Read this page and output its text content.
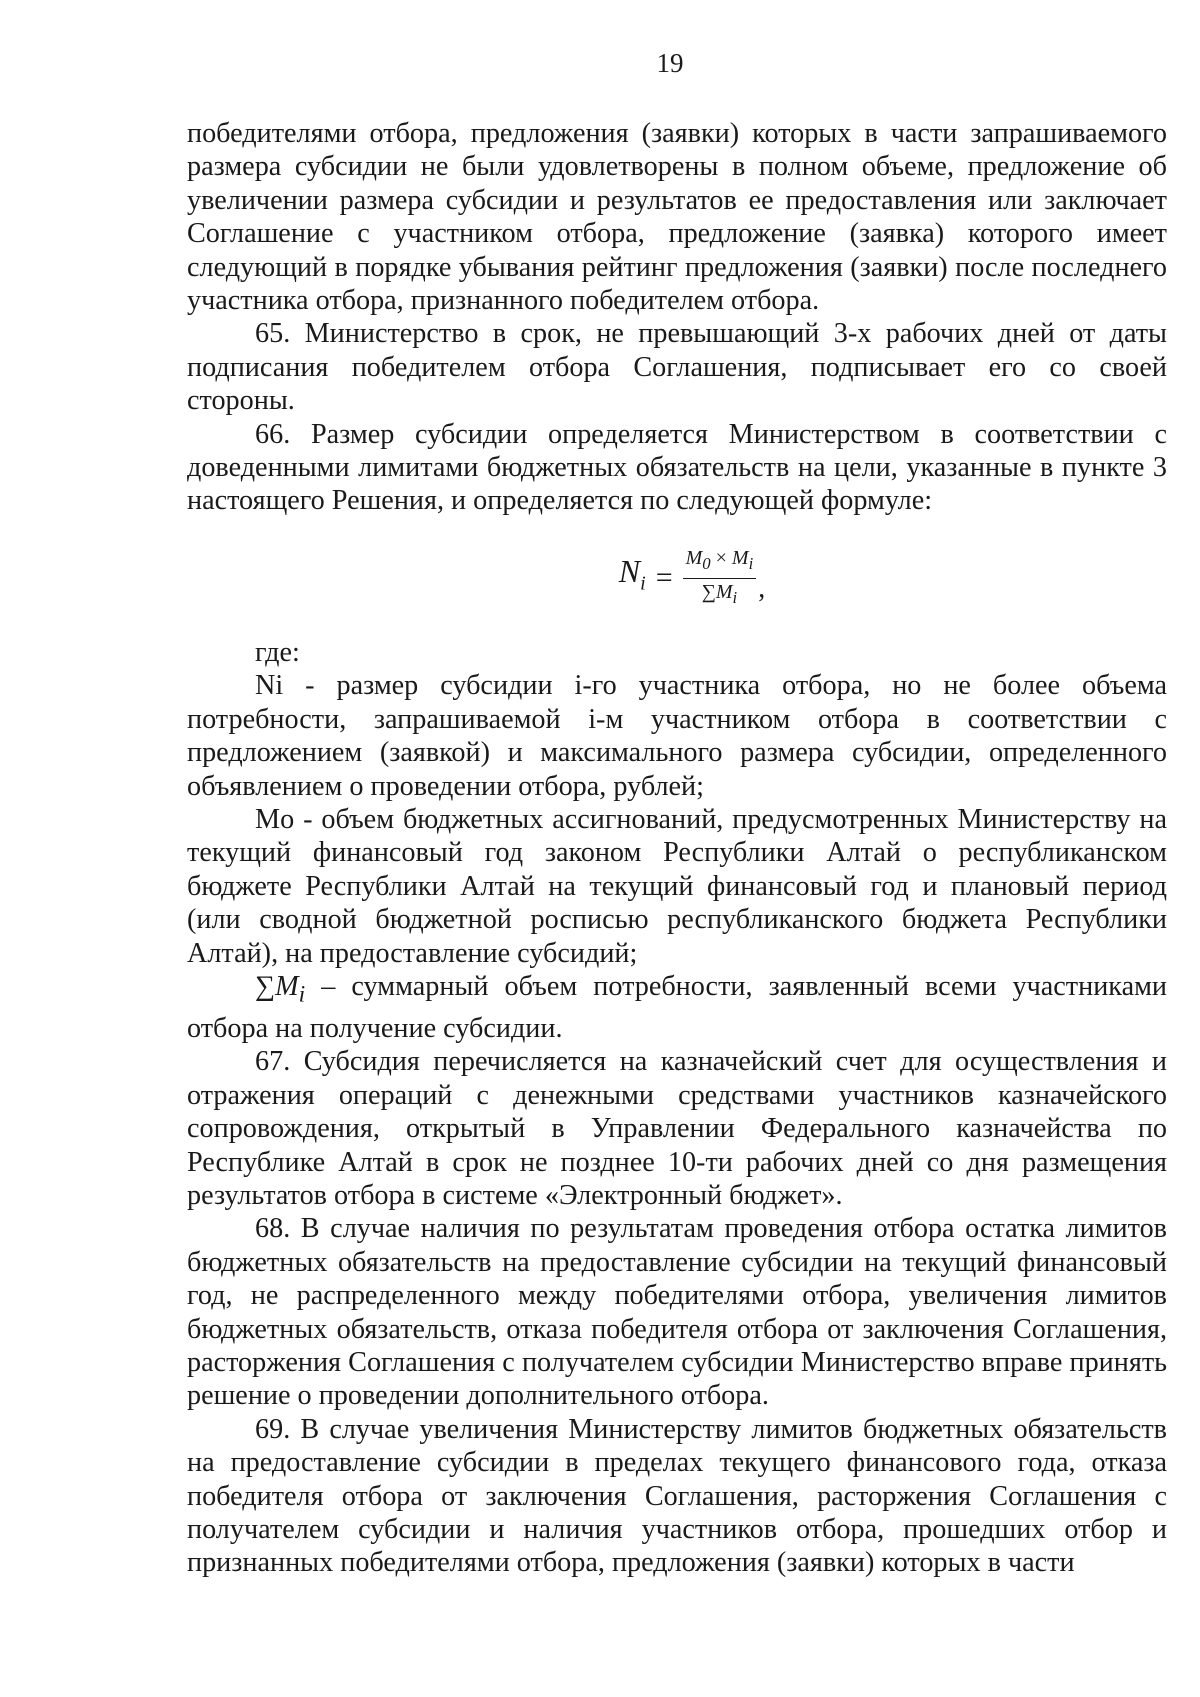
19

победителями отбора, предложения (заявки) которых в части запрашиваемого размера субсидии не были удовлетворены в полном объеме, предложение об увеличении размера субсидии и результатов ее предоставления или заключает Соглашение с участником отбора, предложение (заявка) которого имеет следующий в порядке убывания рейтинг предложения (заявки) после последнего участника отбора, признанного победителем отбора.

65. Министерство в срок, не превышающий 3-х рабочих дней от даты подписания победителем отбора Соглашения, подписывает его со своей стороны.

66. Размер субсидии определяется Министерством в соответствии с доведенными лимитами бюджетных обязательств на цели, указанные в пункте 3 настоящего Решения, и определяется по следующей формуле:

$N_i = \frac{M_0 \times M_i}{\sum M_i}$ ,

где:

Ni - размер субсидии i-го участника отбора, но не более объема потребности, запрашиваемой i-м участником отбора в соответствии с предложением (заявкой) и максимального размера субсидии, определенного объявлением о проведении отбора, рублей;

Mo - объем бюджетных ассигнований, предусмотренных Министерству на текущий финансовый год законом Республики Алтай о республиканском бюджете Республики Алтай на текущий финансовый год и плановый период (или сводной бюджетной росписью республиканского бюджета Республики Алтай), на предоставление субсидий;

$\sum M_i$ – суммарный объем потребности, заявленный всеми участниками отбора на получение субсидии.

67. Субсидия перечисляется на казначейский счет для осуществления и отражения операций с денежными средствами участников казначейского сопровождения, открытый в Управлении Федерального казначейства по Республике Алтай в срок не позднее 10-ти рабочих дней со дня размещения результатов отбора в системе «Электронный бюджет».

68. В случае наличия по результатам проведения отбора остатка лимитов бюджетных обязательств на предоставление субсидии на текущий финансовый год, не распределенного между победителями отбора, увеличения лимитов бюджетных обязательств, отказа победителя отбора от заключения Соглашения, расторжения Соглашения с получателем субсидии Министерство вправе принять решение о проведении дополнительного отбора.

69. В случае увеличения Министерству лимитов бюджетных обязательств на предоставление субсидии в пределах текущего финансового года, отказа победителя отбора от заключения Соглашения, расторжения Соглашения с получателем субсидии и наличия участников отбора, прошедших отбор и признанных победителями отбора, предложения (заявки) которых в части
